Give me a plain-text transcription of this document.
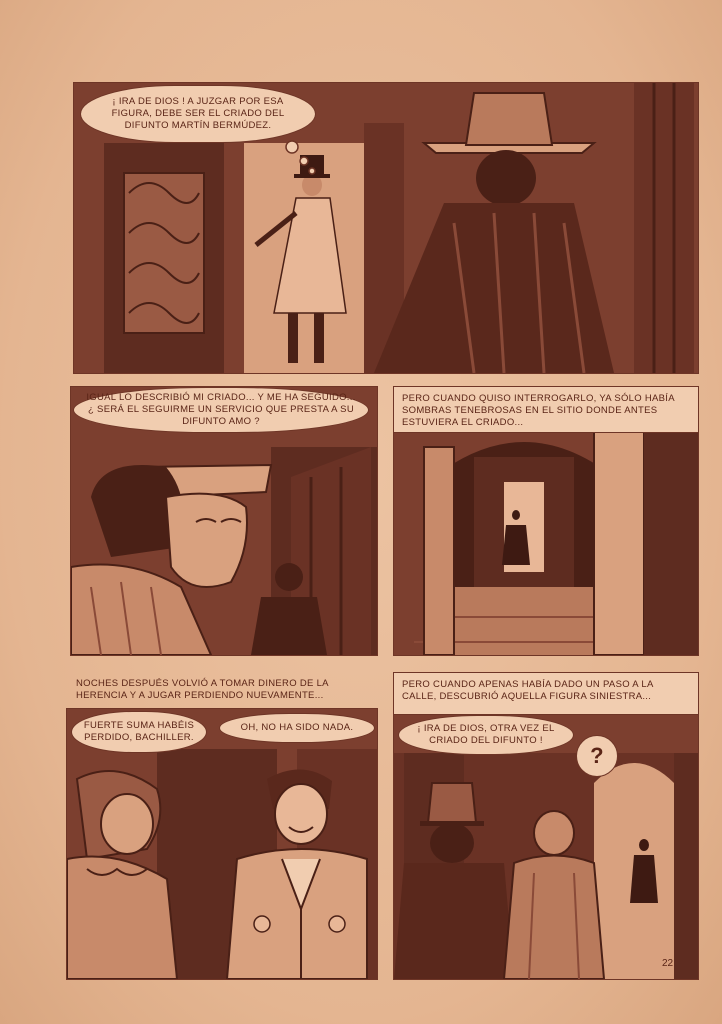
¡ IRA DE DIOS ! A JUZGAR POR ESA FIGURA, DEBE SER EL CRIADO DEL DIFUNTO MARTÍN BERMÚDEZ.
IGUAL LO DESCRIBIÓ MI CRIADO... Y ME HA SEGUIDO... ¿ SERÁ EL SEGUIRME UN SERVICIO QUE PRESTA A SU DIFUNTO AMO ?
PERO CUANDO QUISO INTERROGARLO, YA SÓLO HABÍA SOMBRAS TENEBROSAS EN EL SITIO DONDE ANTES ESTUVIERA EL CRIADO...
NOCHES DESPUÉS VOLVIÓ A TOMAR DINERO DE LA HERENCIA Y A JUGAR PERDIENDO NUEVAMENTE...
FUERTE SUMA HABÉIS PERDIDO, BACHILLER.
OH, NO HA SIDO NADA.
PERO CUANDO APENAS HABÍA DADO UN PASO A LA CALLE, DESCUBRIÓ AQUELLA FIGURA SINIESTRA...
¡ IRA DE DIOS, OTRA VEZ EL CRIADO DEL DIFUNTO !
?
22
